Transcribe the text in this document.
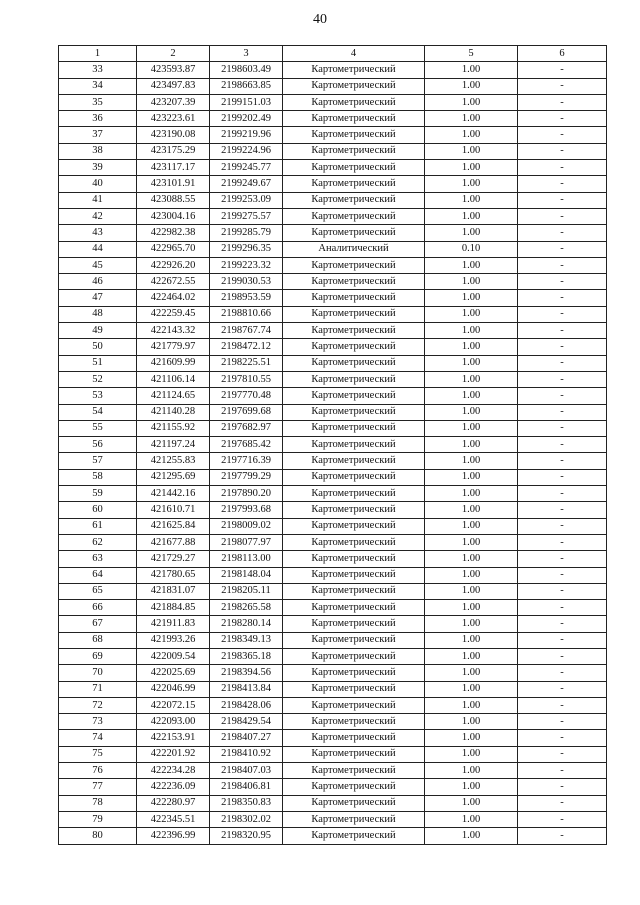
40
1	2	3	4	5	6
33	423593.87	2198603.49	Картометрический	1.00	-
34	423497.83	2198663.85	Картометрический	1.00	-
35	423207.39	2199151.03	Картометрический	1.00	-
36	423223.61	2199202.49	Картометрический	1.00	-
37	423190.08	2199219.96	Картометрический	1.00	-
38	423175.29	2199224.96	Картометрический	1.00	-
39	423117.17	2199245.77	Картометрический	1.00	-
40	423101.91	2199249.67	Картометрический	1.00	-
41	423088.55	2199253.09	Картометрический	1.00	-
42	423004.16	2199275.57	Картометрический	1.00	-
43	422982.38	2199285.79	Картометрический	1.00	-
44	422965.70	2199296.35	Аналитический	0.10	-
45	422926.20	2199223.32	Картометрический	1.00	-
46	422672.55	2199030.53	Картометрический	1.00	-
47	422464.02	2198953.59	Картометрический	1.00	-
48	422259.45	2198810.66	Картометрический	1.00	-
49	422143.32	2198767.74	Картометрический	1.00	-
50	421779.97	2198472.12	Картометрический	1.00	-
51	421609.99	2198225.51	Картометрический	1.00	-
52	421106.14	2197810.55	Картометрический	1.00	-
53	421124.65	2197770.48	Картометрический	1.00	-
54	421140.28	2197699.68	Картометрический	1.00	-
55	421155.92	2197682.97	Картометрический	1.00	-
56	421197.24	2197685.42	Картометрический	1.00	-
57	421255.83	2197716.39	Картометрический	1.00	-
58	421295.69	2197799.29	Картометрический	1.00	-
59	421442.16	2197890.20	Картометрический	1.00	-
60	421610.71	2197993.68	Картометрический	1.00	-
61	421625.84	2198009.02	Картометрический	1.00	-
62	421677.88	2198077.97	Картометрический	1.00	-
63	421729.27	2198113.00	Картометрический	1.00	-
64	421780.65	2198148.04	Картометрический	1.00	-
65	421831.07	2198205.11	Картометрический	1.00	-
66	421884.85	2198265.58	Картометрический	1.00	-
67	421911.83	2198280.14	Картометрический	1.00	-
68	421993.26	2198349.13	Картометрический	1.00	-
69	422009.54	2198365.18	Картометрический	1.00	-
70	422025.69	2198394.56	Картометрический	1.00	-
71	422046.99	2198413.84	Картометрический	1.00	-
72	422072.15	2198428.06	Картометрический	1.00	-
73	422093.00	2198429.54	Картометрический	1.00	-
74	422153.91	2198407.27	Картометрический	1.00	-
75	422201.92	2198410.92	Картометрический	1.00	-
76	422234.28	2198407.03	Картометрический	1.00	-
77	422236.09	2198406.81	Картометрический	1.00	-
78	422280.97	2198350.83	Картометрический	1.00	-
79	422345.51	2198302.02	Картометрический	1.00	-
80	422396.99	2198320.95	Картометрический	1.00	-
